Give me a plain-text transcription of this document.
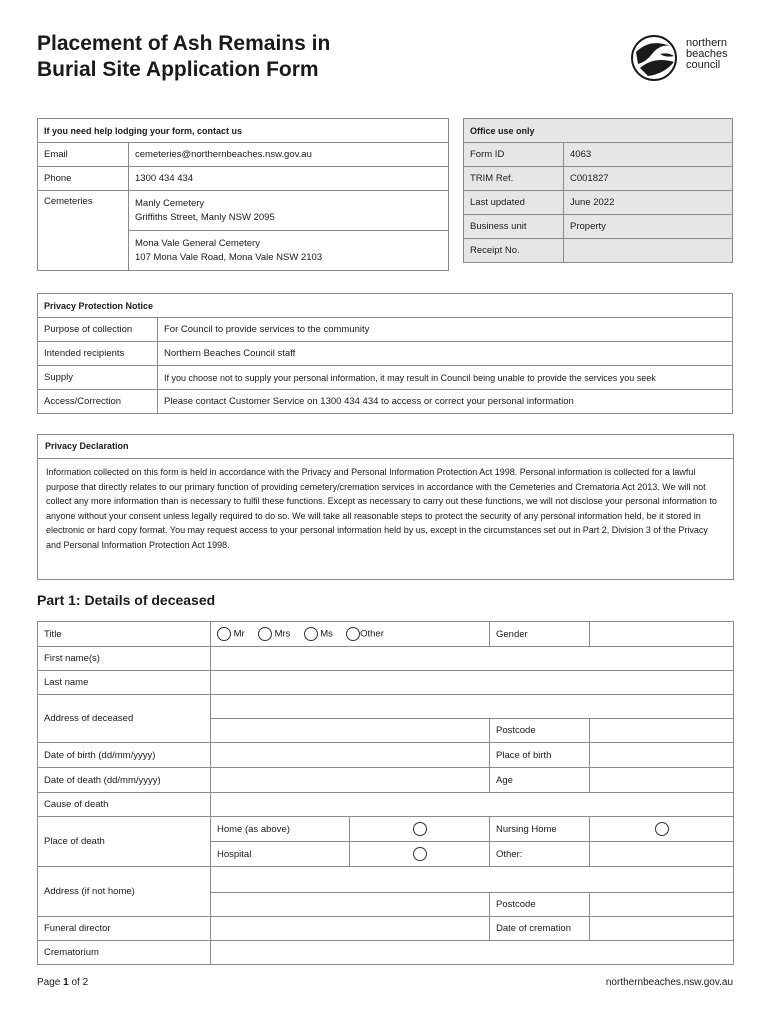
Placement of Ash Remains in
Burial Site Application Form
northern
beaches
council
If you need help lodging your form, contact us	
Email	cemeteries@northernbeaches.nsw.gov.au
Phone	1300 434 434
Cemeteries	Manly Cemetery
Griffiths Street, Manly NSW 2095

	Mona Vale General Cemetery
107 Mona Vale Road, Mona Vale NSW 2103
Office use only	
Form ID	4063
TRIM Ref.	C001827
Last updated	June 2022
Business unit	Property
Receipt No.	
Privacy Protection Notice	
Purpose of collection	For Council to provide services to the community
Intended recipients	Northern Beaches Council staff
Supply	If you choose not to supply your personal information, it may result in Council being unable to provide the services you seek
Access/Correction	Please contact Customer Service on 1300 434 434 to access or correct your personal information
Privacy Declaration
Information collected on this form is held in accordance with the Privacy and Personal Information Protection Act 1998. Personal information is collected for a lawful purpose that directly relates to our primary function of providing cemetery/cremation services in accordance with the Cemeteries and Crematoria Act 2013. We will not collect any more information than is necessary to fulfil these functions. Except as necessary to carry out these functions, we will not disclose your personal information to anyone without your consent unless legally required to do so. We will take all reasonable steps to protect the security of any personal information held, be it stored in electronic or hard copy format. You may request access to your personal information held by us, except in the circumstances set out in Part 2, Division 3 of the Privacy and Personal Information Protection Act 1998.
Part 1: Details of deceased
Title	Mr Mrs Ms Other		Gender	
First name(s)				
Last name				
Address of deceased				
			Postcode	
Date of birth (dd/mm/yyyy)			Place of birth	
Date of death (dd/mm/yyyy)			Age	
Cause of death				
Place of death	Home (as above)		Nursing Home	
	Hospital		Other:	
Address (if not home)				
			Postcode	
Funeral director			Date of cremation	
Crematorium				
Page 1 of 2	northernbeaches.nsw.gov.au
